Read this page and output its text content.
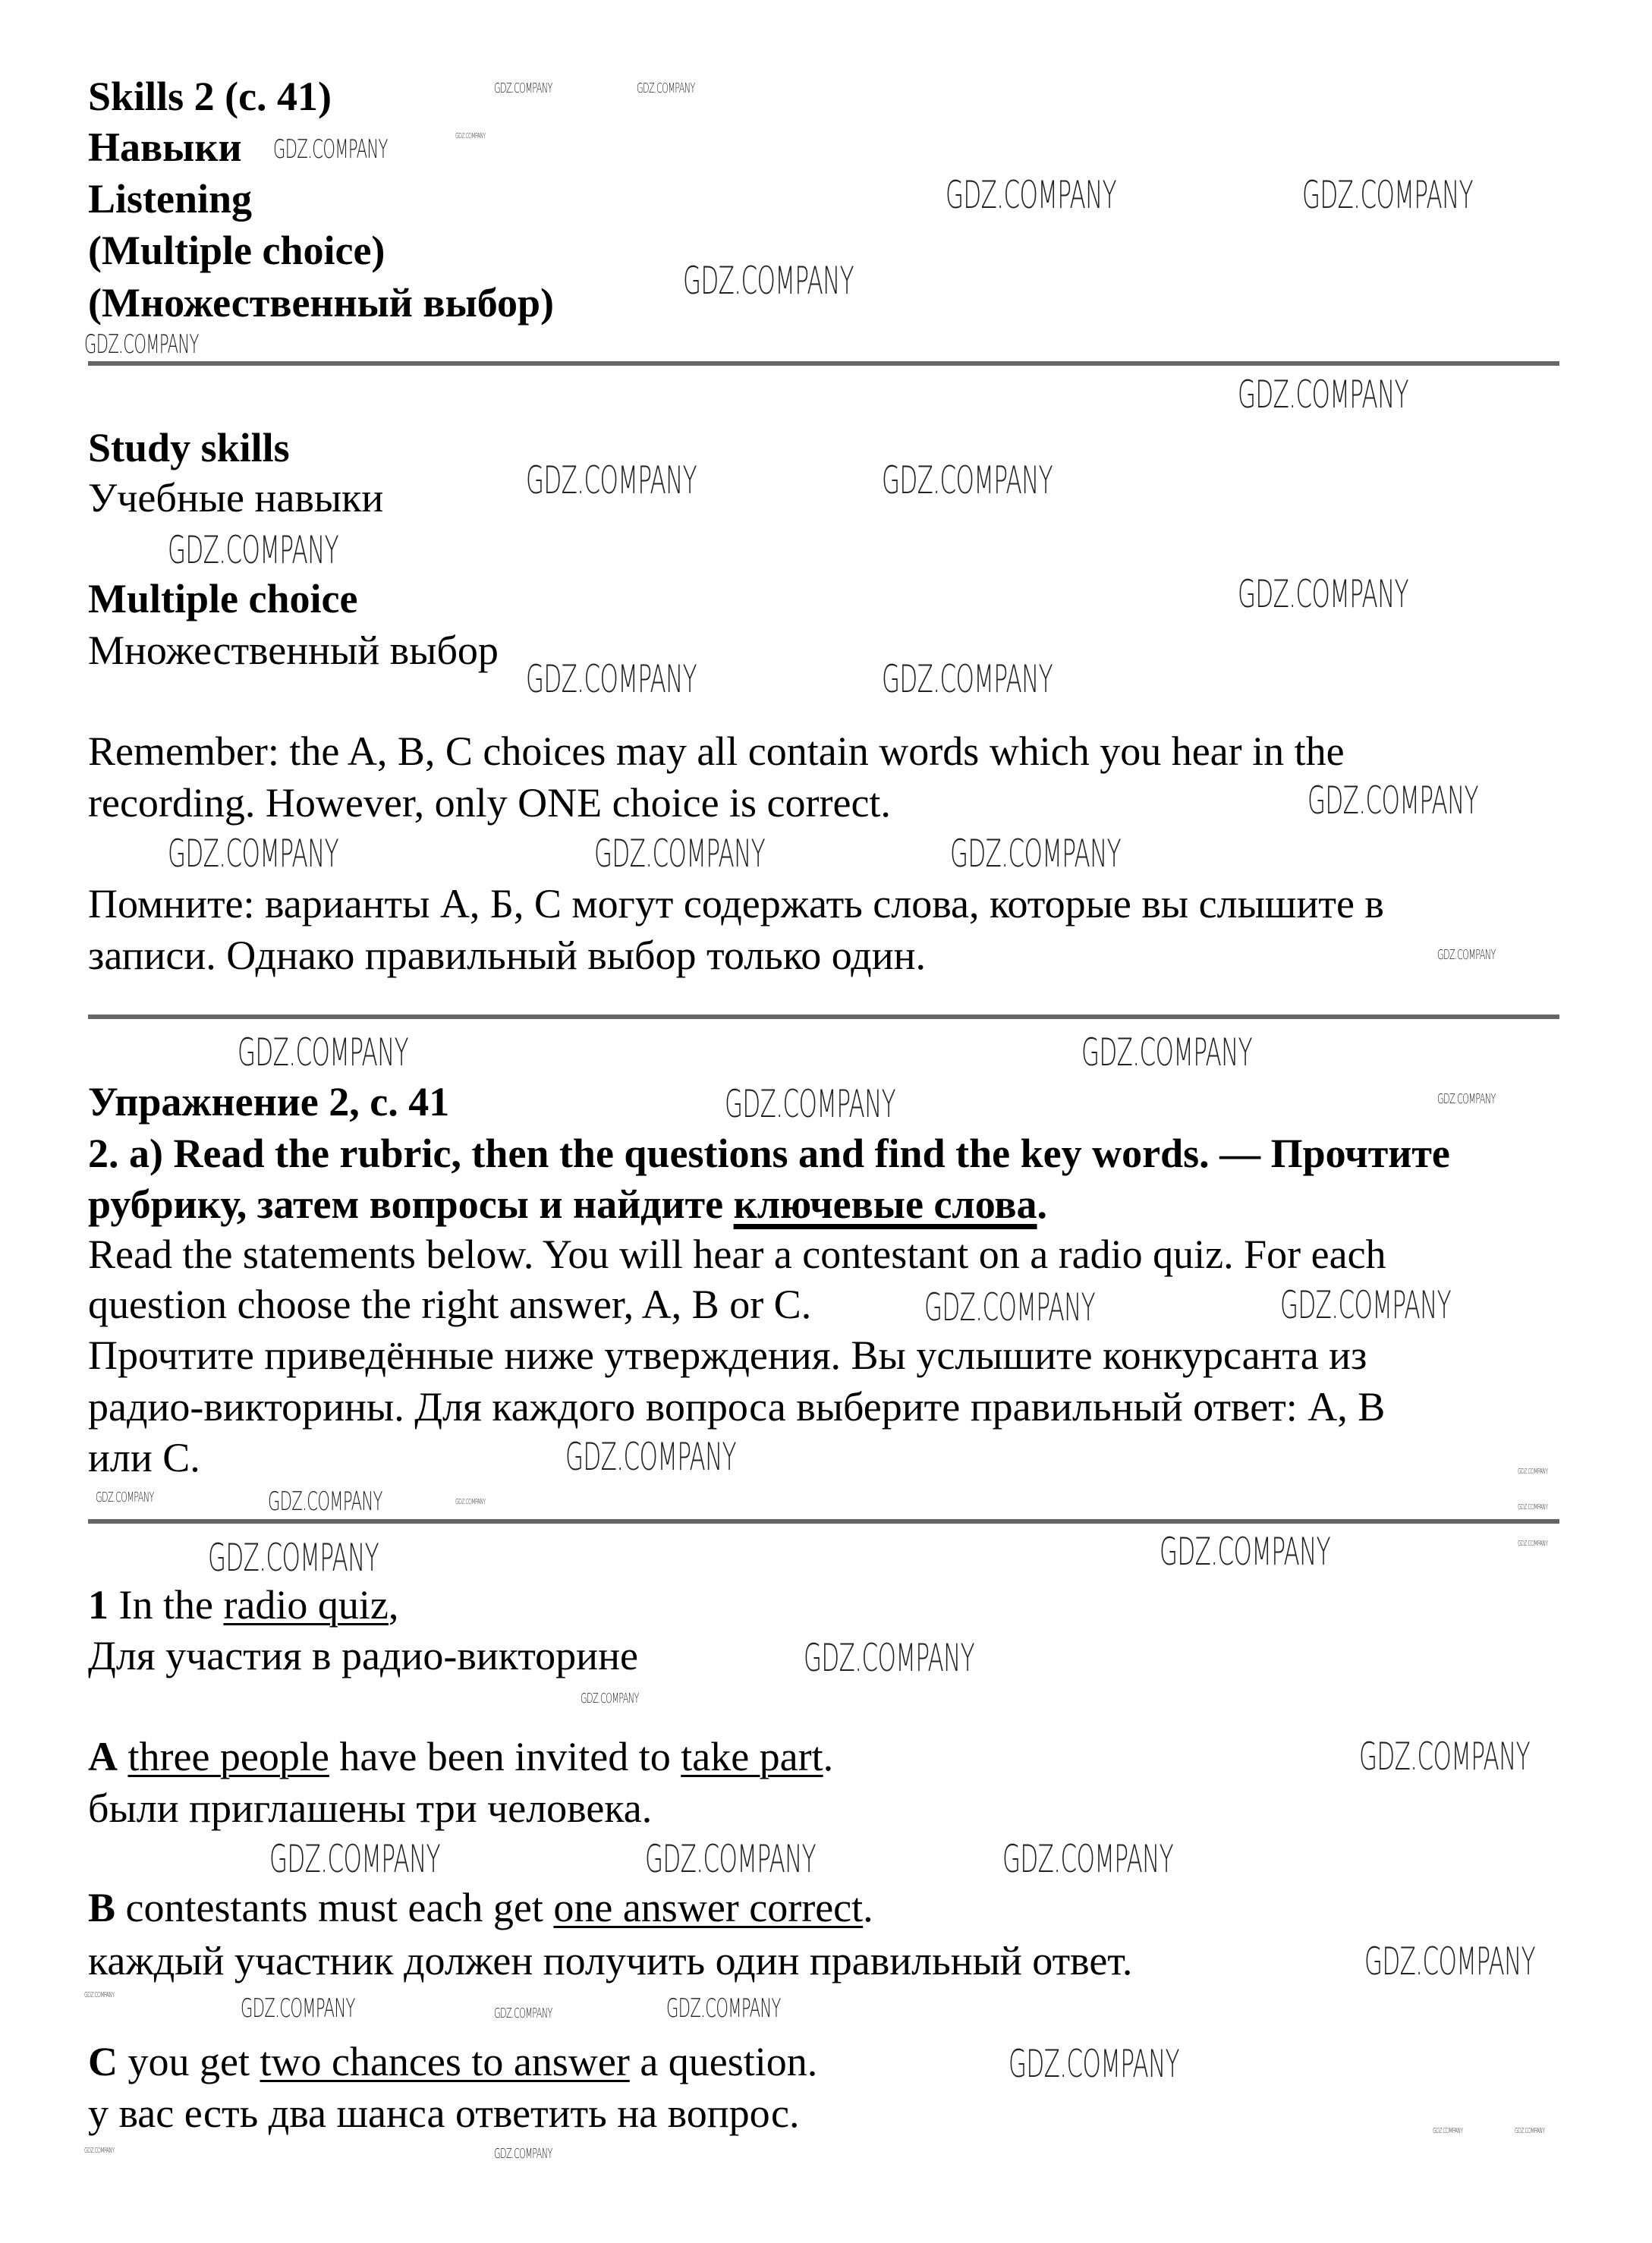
Skills 2 (c. 41)
Навыки
Listening
(Multiple choice)
(Множественный выбор)
Study skills
Учебные навыки
Multiple choice
Множественный выбор
Remember: the A, B, C choices may all contain words which you hear in the
recording. However, only ONE choice is correct.
Помните: варианты А, Б, С могут содержать слова, которые вы слышите в
записи. Однако правильный выбор только один.
Упражнение 2, с. 41
2. a) Read the rubric, then the questions and find the key words. — Прочтите
рубрику, затем вопросы и найдите ключевые слова.
Read the statements below. You will hear a contestant on a radio quiz. For each
question choose the right answer, A, B or C.
Прочтите приведённые ниже утверждения. Вы услышите конкурсанта из
радио-викторины. Для каждого вопроса выберите правильный ответ: А, В
или С.
1 In the radio quiz,
Для участия в радио-викторине
A three people have been invited to take part.
были приглашены три человека.
B contestants must each get one answer correct.
каждый участник должен получить один правильный ответ.
C you get two chances to answer a question.
у вас есть два шанса ответить на вопрос.
GDZ.COMPANY	GDZ.COMPANY
GDZ.COMPANY
GDZ.COMPANY
GDZ.COMPANY
GDZ.COMPANY	GDZ.COMPANY
GDZ.COMPANY
GDZ.COMPANY
GDZ.COMPANY	GDZ.COMPANY
GDZ.COMPANY
GDZ.COMPANY	GDZ.COMPANY	GDZ.COMPANY
GDZ.COMPANY	GDZ.COMPANY
GDZ.COMPANY
GDZ.COMPANY
GDZ.COMPANY
GDZ.COMPANY
GDZ.COMPANY
GDZ.COMPANY
GDZ.COMPANY
GDZ.COMPANY
GDZ.COMPANY	GDZ.COMPANY	GDZ.COMPANY
GDZ.COMPANY
GDZ.COMPANY
GDZ.COMPANY
GDZ.COMPANY
GDZ.COMPANY	GDZ.COMPANY
GDZ.COMPANY	GDZ.COMPANY
GDZ.COMPANY
GDZ.COMPANY
GDZ.COMPANY
GDZ.COMPANY
GDZ.COMPANY
GDZ.COMPANY
GDZ.COMPANY
GDZ.COMPANY
GDZ.COMPANY
GDZ.COMPANY
GDZ.COMPANY
GDZ.COMPANY
GDZ.COMPANY
GDZ.COMPANY	GDZ.COMPANY
